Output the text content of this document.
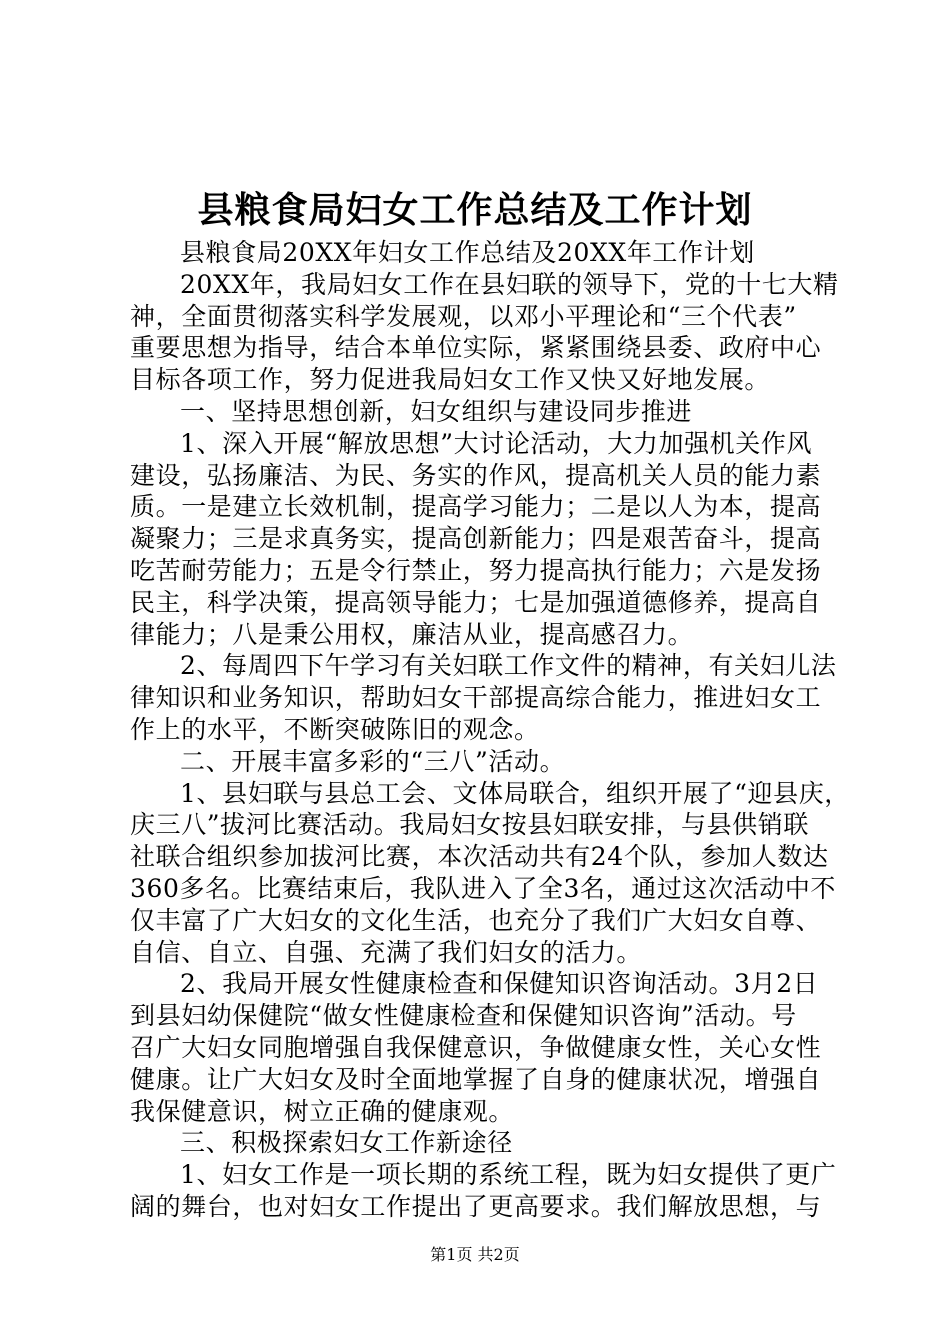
县粮食局妇女工作总结及工作计划
县粮食局20XX年妇女工作总结及20XX年工作计划
20XX年，我局妇女工作在县妇联的领导下，党的十七大精
神，全面贯彻落实科学发展观，以邓小平理论和“三个代表”
重要思想为指导，结合本单位实际，紧紧围绕县委、政府中心
目标各项工作，努力促进我局妇女工作又快又好地发展。
一、坚持思想创新，妇女组织与建设同步推进
1、深入开展“解放思想”大讨论活动，大力加强机关作风
建设，弘扬廉洁、为民、务实的作风，提高机关人员的能力素
质。一是建立长效机制，提高学习能力；二是以人为本，提高
凝聚力；三是求真务实，提高创新能力；四是艰苦奋斗，提高
吃苦耐劳能力；五是令行禁止，努力提高执行能力；六是发扬
民主，科学决策，提高领导能力；七是加强道德修养，提高自
律能力；八是秉公用权，廉洁从业，提高感召力。
2、每周四下午学习有关妇联工作文件的精神，有关妇儿法
律知识和业务知识，帮助妇女干部提高综合能力，推进妇女工
作上的水平，不断突破陈旧的观念。
二、开展丰富多彩的“三八”活动。
1、县妇联与县总工会、文体局联合，组织开展了“迎县庆，
庆三八”拔河比赛活动。我局妇女按县妇联安排，与县供销联
社联合组织参加拔河比赛，本次活动共有24个队，参加人数达
360多名。比赛结束后，我队进入了全3名，通过这次活动中不
仅丰富了广大妇女的文化生活，也充分了我们广大妇女自尊、
自信、自立、自强、充满了我们妇女的活力。
2、我局开展女性健康检查和保健知识咨询活动。3月2日
到县妇幼保健院“做女性健康检查和保健知识咨询”活动。号
召广大妇女同胞增强自我保健意识，争做健康女性，关心女性
健康。让广大妇女及时全面地掌握了自身的健康状况，增强自
我保健意识，树立正确的健康观。
三、积极探索妇女工作新途径
1、妇女工作是一项长期的系统工程，既为妇女提供了更广
阔的舞台，也对妇女工作提出了更高要求。我们解放思想，与
第1页 共2页
